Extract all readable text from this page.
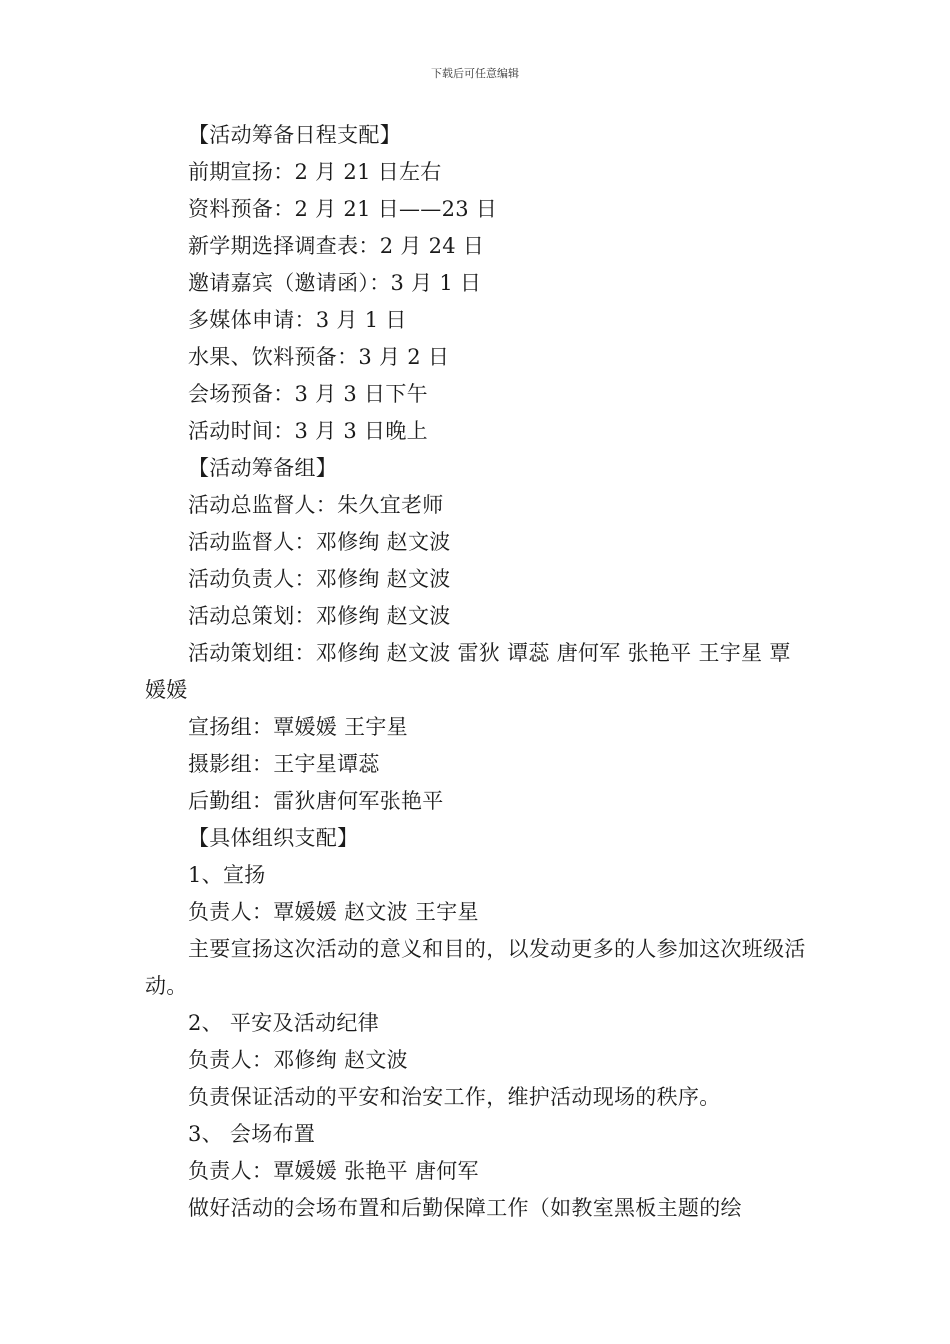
下载后可任意编辑

【活动筹备日程支配】

前期宣扬：2 月 21 日左右

资料预备：2 月 21 日——23 日

新学期选择调查表：2 月 24 日

邀请嘉宾（邀请函）：3 月 1 日

多媒体申请：3 月 1 日

水果、饮料预备：3 月 2 日

会场预备：3 月 3 日下午

活动时间：3 月 3 日晚上

【活动筹备组】

活动总监督人：朱久宜老师

活动监督人：邓修绚 赵文波

活动负责人：邓修绚 赵文波

活动总策划：邓修绚 赵文波

活动策划组：邓修绚 赵文波 雷狄 谭蕊 唐何军 张艳平 王宇星 覃媛媛

宣扬组：覃媛媛 王宇星

摄影组：王宇星谭蕊

后勤组：雷狄唐何军张艳平

【具体组织支配】

1、宣扬

负责人：覃媛媛 赵文波 王宇星

主要宣扬这次活动的意义和目的，以发动更多的人参加这次班级活动。

2、 平安及活动纪律

负责人：邓修绚 赵文波

负责保证活动的平安和治安工作，维护活动现场的秩序。

3、 会场布置

负责人：覃媛媛 张艳平 唐何军

做好活动的会场布置和后勤保障工作（如教室黑板主题的绘
